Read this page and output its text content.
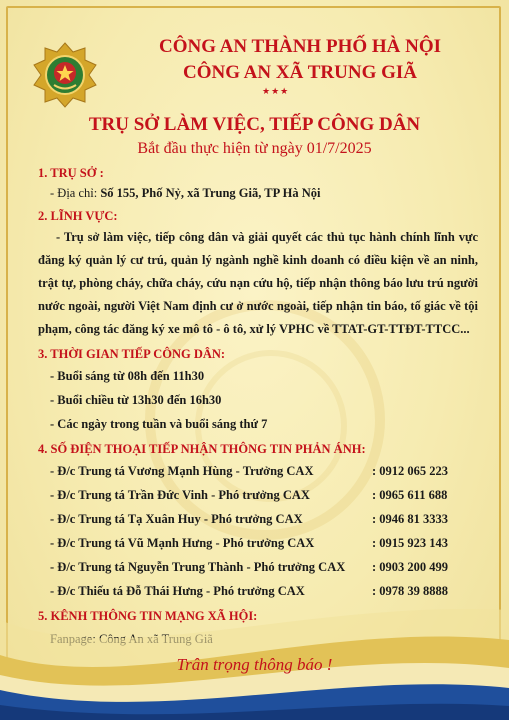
CÔNG AN THÀNH PHỐ HÀ NỘI
CÔNG AN XÃ TRUNG GIÃ
★★★
TRỤ SỞ LÀM VIỆC, TIẾP CÔNG DÂN
Bắt đầu thực hiện từ ngày 01/7/2025
1. TRỤ SỞ :
- Địa chỉ: Số 155, Phố Nỷ, xã Trung Giã, TP Hà Nội
2. LĨNH VỰC:
- Trụ sở làm việc, tiếp công dân và giải quyết các thủ tục hành chính lĩnh vực đăng ký quản lý cư trú, quản lý ngành nghề kinh doanh có điều kiện về an ninh, trật tự, phòng cháy, chữa cháy, cứu nạn cứu hộ, tiếp nhận thông báo lưu trú người nước ngoài, người Việt Nam định cư ở nước ngoài, tiếp nhận tin báo, tố giác về tội phạm, công tác đăng ký xe mô tô - ô tô, xử lý VPHC về TTAT-GT-TTĐT-TTCC...
3. THỜI GIAN TIẾP CÔNG DÂN:
- Buổi sáng từ 08h đến 11h30
- Buổi chiều từ 13h30 đến 16h30
- Các ngày trong tuần và buổi sáng thứ 7
4. SỐ ĐIỆN THOẠI TIẾP NHẬN THÔNG TIN PHẢN ÁNH:
- Đ/c Trung tá Vương Mạnh Hùng - Trưởng CAX	: 0912 065 223
- Đ/c Trung tá Trần Đức Vinh - Phó trưởng CAX	: 0965 611 688
- Đ/c Trung tá Tạ Xuân Huy - Phó trưởng CAX	: 0946 81 3333
- Đ/c Trung tá Vũ Mạnh Hưng - Phó trưởng CAX	: 0915 923 143
- Đ/c Trung tá Nguyễn Trung Thành - Phó trưởng CAX	: 0903 200 499
- Đ/c Thiếu tá Đỗ Thái Hưng - Phó trưởng CAX	: 0978 39 8888
5. KÊNH THÔNG TIN MẠNG XÃ HỘI:
Trân trọng thông báo !
